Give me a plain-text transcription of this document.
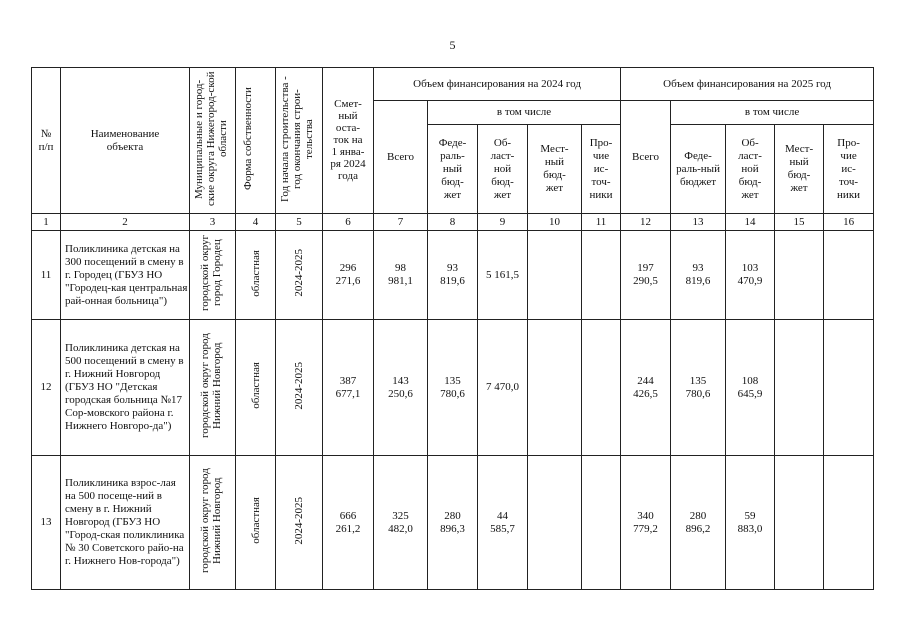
5
№ п/п	Наименование объекта	Муниципальные и город-ские округа Нижегород-ской области	Форма собственности	Год начала строительства - год окончания строи-тельства	Смет-ный оста-ток на 1 янва-ря 2024 года	Объем финансирования на 2024 год					Объем финансирования на 2025 год				
						Всего	в том числе				Всего	в том числе			
							Феде-раль-ный бюд-жет	Об-ласт-ной бюд-жет	Мест-ный бюд-жет	Про-чие ис-точ-ники		Феде-раль-ный бюджет	Об-ласт-ной бюд-жет	Мест-ный бюд-жет	Про-чие ис-точ-ники
1	2	3	4	5	6	7	8	9	10	11	12	13	14	15	16
11	Поликлиника детская на 300 посещений в смену в г. Городец (ГБУЗ НО "Городец-кая центральная рай-онная больница")	городской округ город Городец	областная	2024-2025	296 271,6	98 981,1	93 819,6	5 161,5			197 290,5	93 819,6	103 470,9		
12	Поликлиника детская на 500 посещений в смену в г. Нижний Новгород (ГБУЗ НО "Детская городская больница №17 Сор-мовского района г. Нижнего Новгоро-да")	городской округ город Нижний Новгород	областная	2024-2025	387 677,1	143 250,6	135 780,6	7 470,0			244 426,5	135 780,6	108 645,9		
13	Поликлиника взрос-лая на 500 посеще-ний в смену в г. Нижний Новгород (ГБУЗ НО "Город-ская поликлиника № 30 Советского райо-на г. Нижнего Нов-города")	городской округ город Нижний Новгород	областная	2024-2025	666 261,2	325 482,0	280 896,3	44 585,7			340 779,2	280 896,2	59 883,0		
